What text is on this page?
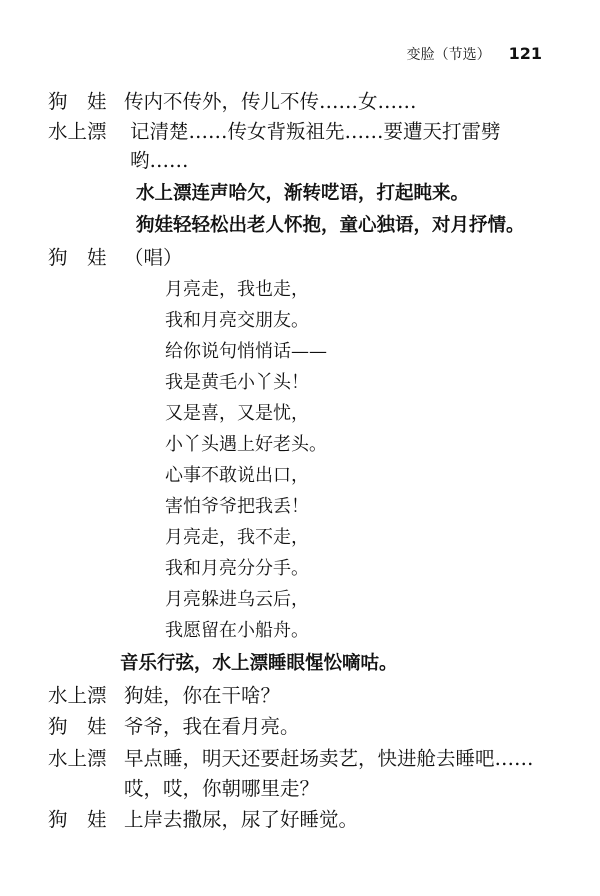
变脸（节选） 121
狗　娃 传内不传外，传儿不传……女……
水上漂 记清楚……传女背叛祖先……要遭天打雷劈
哟……
水上漂连声哈欠，渐转呓语，打起盹来。
狗娃轻轻松出老人怀抱，童心独语，对月抒情。
狗　娃 （唱）
月亮走，我也走，
我和月亮交朋友。
给你说句悄悄话——
我是黄毛小丫头！
又是喜，又是忧，
小丫头遇上好老头。
心事不敢说出口，
害怕爷爷把我丢！
月亮走，我不走，
我和月亮分分手。
月亮躲进乌云后，
我愿留在小船舟。
音乐行弦，水上漂睡眼惺忪嘀咕。
水上漂 狗娃，你在干啥？
狗　娃 爷爷，我在看月亮。
水上漂 早点睡，明天还要赶场卖艺，快进舱去睡吧……
哎，哎，你朝哪里走？
狗　娃 上岸去撒尿，尿了好睡觉。
